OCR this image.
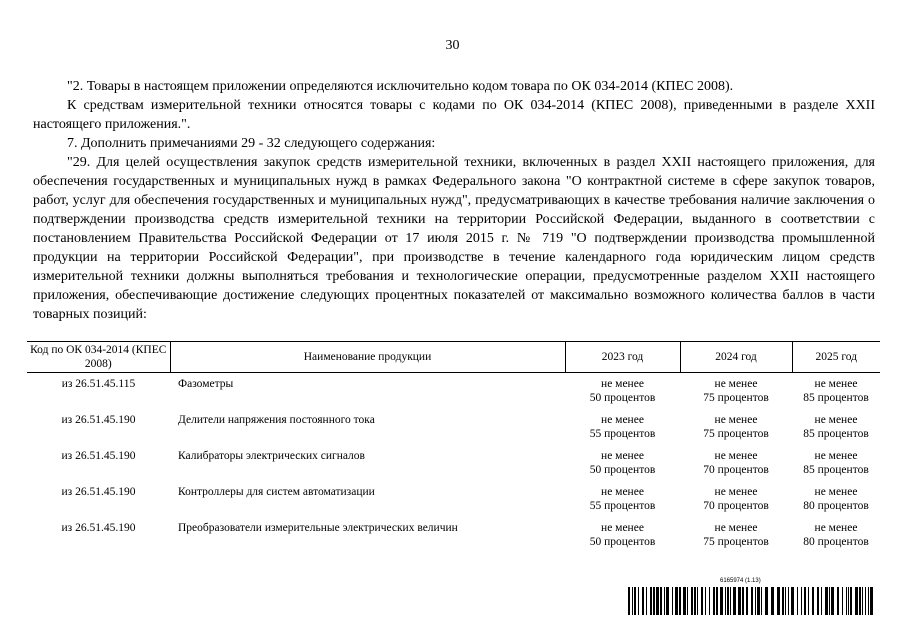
30

"2. Товары в настоящем приложении определяются исключительно кодом товара по ОК 034-2014 (КПЕС 2008).

К средствам измерительной техники относятся товары с кодами по ОК 034-2014 (КПЕС 2008), приведенными в разделе XXII настоящего приложения.".

7. Дополнить примечаниями 29 - 32 следующего содержания:

"29. Для целей осуществления закупок средств измерительной техники, включенных в раздел XXII настоящего приложения, для обеспечения государственных и муниципальных нужд в рамках Федерального закона "О контрактной системе в сфере закупок товаров, работ, услуг для обеспечения государственных и муниципальных нужд", предусматривающих в качестве требования наличие заключения о подтверждении производства средств измерительной техники на территории Российской Федерации, выданного в соответствии с постановлением Правительства Российской Федерации от 17 июля 2015 г. № 719 "О подтверждении производства промышленной продукции на территории Российской Федерации", при производстве в течение календарного года юридическим лицом средств измерительной техники должны выполняться требования и технологические операции, предусмотренные разделом XXII настоящего приложения, обеспечивающие достижение следующих процентных показателей от максимально возможного количества баллов в части товарных позиций:

Код по ОК 034-2014 (КПЕС 2008)	Наименование продукции	2023 год	2024 год	2025 год
из 26.51.45.115	Фазометры	не менее
50 процентов	не менее
75 процентов	не менее
85 процентов

из 26.51.45.190	Делители напряжения постоянного тока	не менее
55 процентов	не менее
75 процентов	не менее
85 процентов

из 26.51.45.190	Калибраторы электрических сигналов	не менее
50 процентов	не менее
70 процентов	не менее
85 процентов

из 26.51.45.190	Контроллеры для систем автоматизации	не менее
55 процентов	не менее
70 процентов	не менее
80 процентов

из 26.51.45.190	Преобразователи измерительные электрических величин	не менее
50 процентов	не менее
75 процентов	не менее
80 процентов
6165974 (1.13)
